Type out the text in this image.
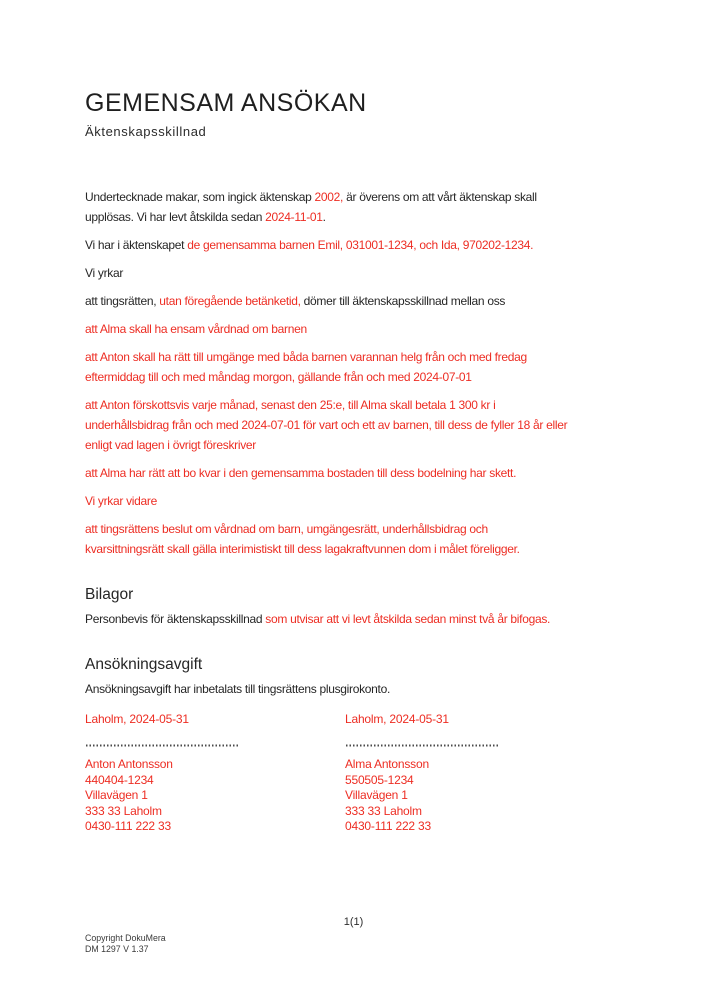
GEMENSAM ANSÖKAN
Äktenskapsskillnad

Undertecknade makar, som ingick äktenskap 2002, är överens om att vårt äktenskap skall
upplösas. Vi har levt åtskilda sedan 2024-11-01.

Vi har i äktenskapet de gemensamma barnen Emil, 031001-1234, och Ida, 970202-1234.

Vi yrkar

att tingsrätten, utan föregående betänketid, dömer till äktenskapsskillnad mellan oss

att Alma skall ha ensam vårdnad om barnen

att Anton skall ha rätt till umgänge med båda barnen varannan helg från och med fredag
eftermiddag till och med måndag morgon, gällande från och med 2024-07-01

att Anton förskottsvis varje månad, senast den 25:e, till Alma skall betala 1 300 kr i
underhållsbidrag från och med 2024-07-01 för vart och ett av barnen, till dess de fyller 18 år eller
enligt vad lagen i övrigt föreskriver

att Alma har rätt att bo kvar i den gemensamma bostaden till dess bodelning har skett.

Vi yrkar vidare

att tingsrättens beslut om vårdnad om barn, umgängesrätt, underhållsbidrag och
kvarsittningsrätt skall gälla interimistiskt till dess lagakraftvunnen dom i målet föreligger.

Bilagor

Personbevis för äktenskapsskillnad som utvisar att vi levt åtskilda sedan minst två år bifogas.

Ansökningsavgift

Ansökningsavgift har inbetalats till tingsrättens plusgirokonto.

Laholm, 2024-05-31
Anton Antonsson
440404-1234
Villavägen 1
333 33 Laholm
0430-111 222 33
Laholm, 2024-05-31
Alma Antonsson
550505-1234
Villavägen 1
333 33 Laholm
0430-111 222 33
1(1)
Copyright DokuMera
DM 1297 V 1.37
